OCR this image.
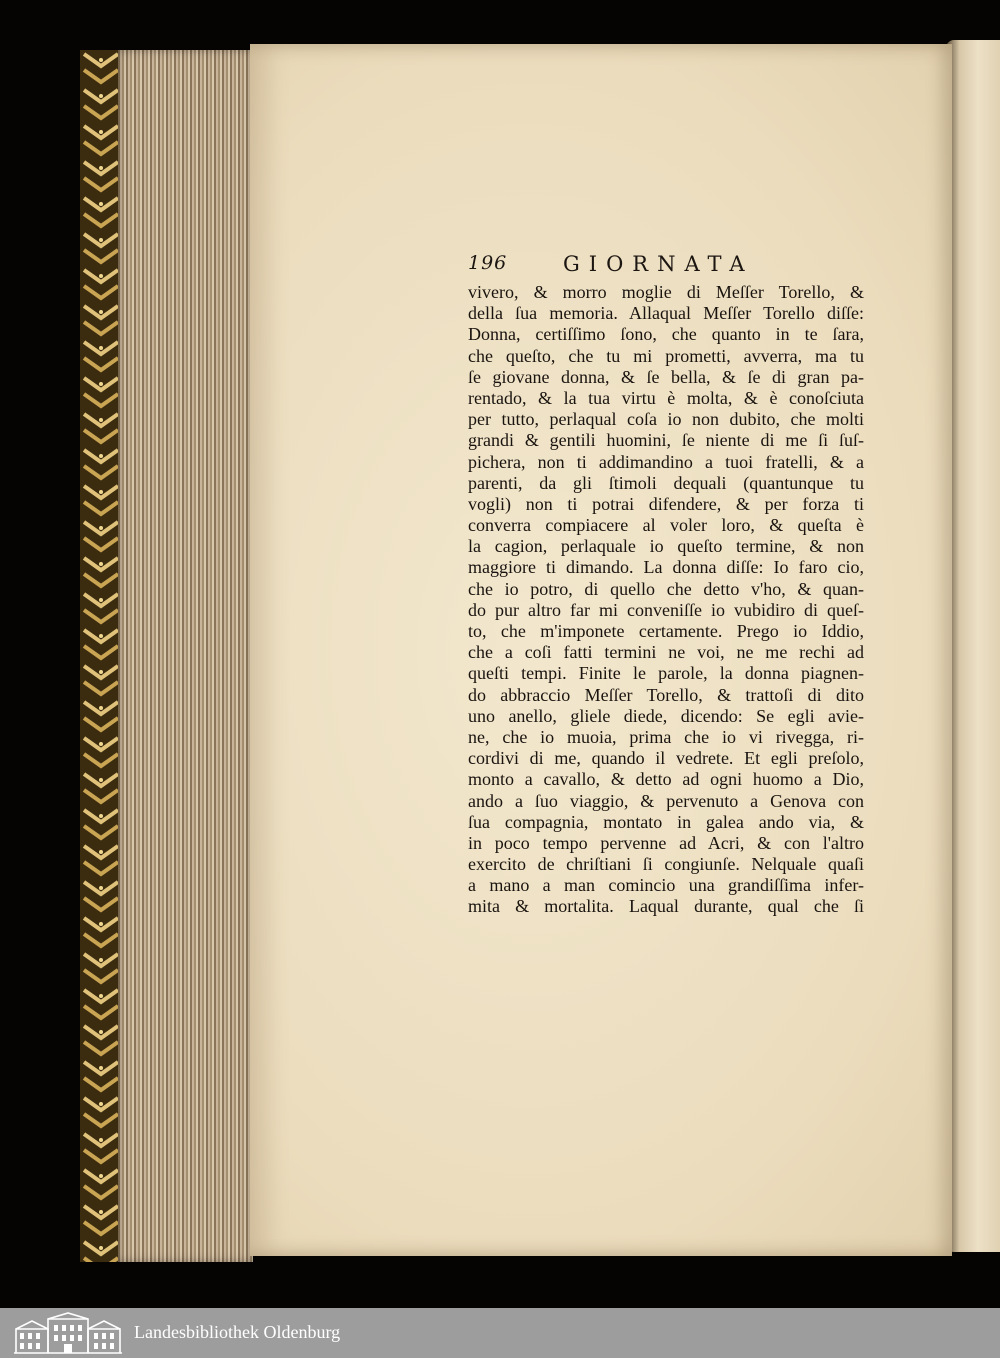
196	GIORNATA
vivero, & morro moglie di Meſſer Torello, &
della ſua memoria. Allaqual Meſſer Torello diſſe:
Donna, certiſſimo ſono, che quanto in te ſara,
che queſto, che tu mi prometti, avverra, ma tu
ſe giovane donna, & ſe bella, & ſe di gran pa-
rentado, & la tua virtu è molta, & è conoſciuta
per tutto, perlaqual coſa io non dubito, che molti
grandi & gentili huomini, ſe niente di me ſi ſuſ-
pichera, non ti addimandino a tuoi fratelli, & a
parenti, da gli ſtimoli dequali (quantunque tu
vogli) non ti potrai difendere, & per forza ti
converra compiacere al voler loro, & queſta è
la cagion, perlaquale io queſto termine, & non
maggiore ti dimando. La donna diſſe: Io faro cio,
che io potro, di quello che detto v'ho, & quan-
do pur altro far mi conveniſſe io vubidiro di queſ-
to, che m'imponete certamente. Prego io Iddio,
che a coſi fatti termini ne voi, ne me rechi ad
queſti tempi. Finite le parole, la donna piagnen-
do abbraccio Meſſer Torello, & trattoſi di dito
uno anello, gliele diede, dicendo: Se egli avie-
ne, che io muoia, prima che io vi rivegga, ri-
cordivi di me, quando il vedrete. Et egli preſolo,
monto a cavallo, & detto ad ogni huomo a Dio,
ando a ſuo viaggio, & pervenuto a Genova con
ſua compagnia, montato in galea ando via, &
in poco tempo pervenne ad Acri, & con l'altro
exercito de chriſtiani ſi congiunſe. Nelquale quaſi
a mano a man comincio una grandiſſima infer-
mita & mortalita. Laqual durante, qual che ſi
Landesbibliothek Oldenburg
